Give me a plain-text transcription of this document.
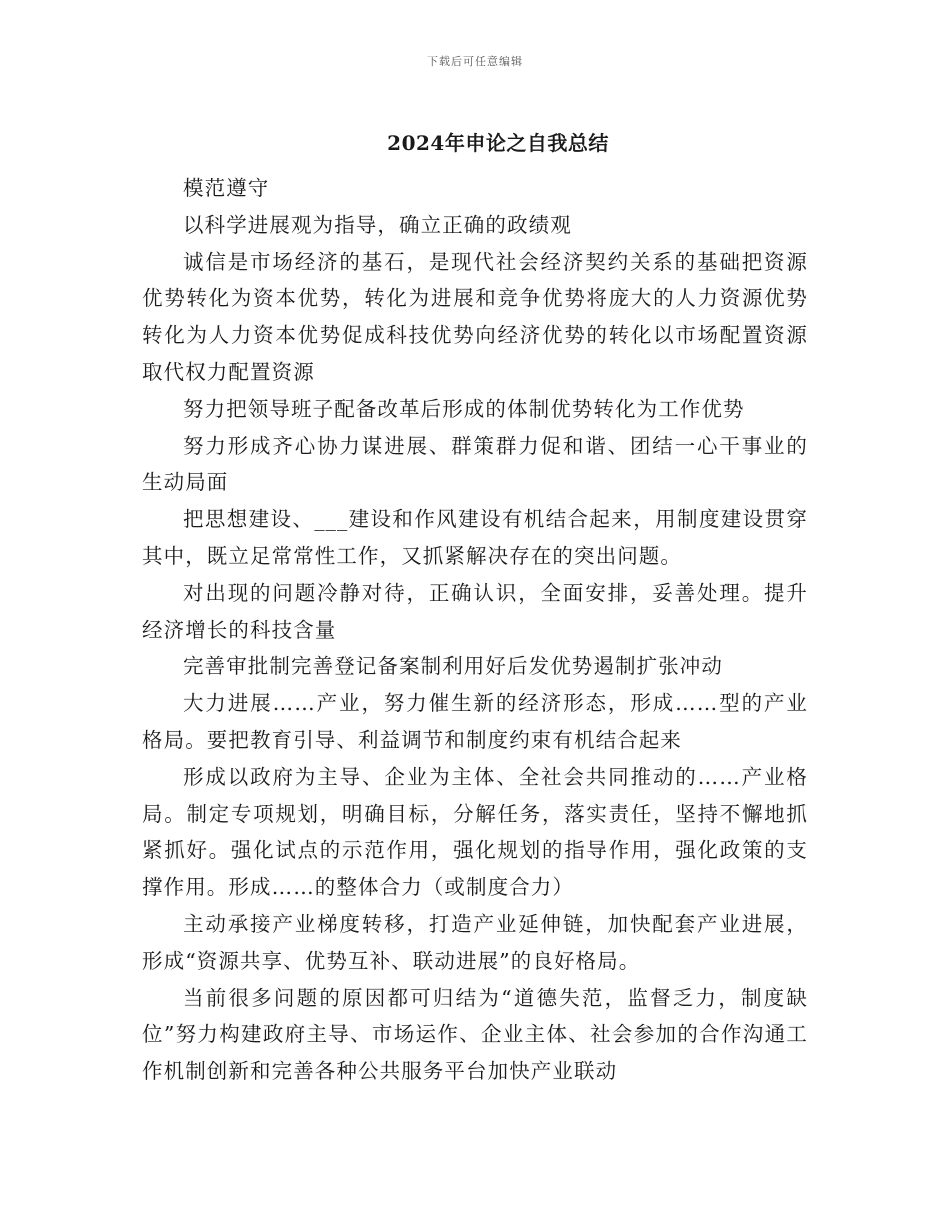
下载后可任意编辑
2024年申论之自我总结

模范遵守

以科学进展观为指导，确立正确的政绩观

诚信是市场经济的基石，是现代社会经济契约关系的基础把资源优势转化为资本优势，转化为进展和竞争优势将庞大的人力资源优势转化为人力资本优势促成科技优势向经济优势的转化以市场配置资源取代权力配置资源

努力把领导班子配备改革后形成的体制优势转化为工作优势

努力形成齐心协力谋进展、群策群力促和谐、团结一心干事业的生动局面

把思想建设、___建设和作风建设有机结合起来，用制度建设贯穿其中，既立足常常性工作，又抓紧解决存在的突出问题。

对出现的问题冷静对待，正确认识，全面安排，妥善处理。提升经济增长的科技含量

完善审批制完善登记备案制利用好后发优势遏制扩张冲动

大力进展……产业，努力催生新的经济形态，形成……型的产业格局。要把教育引导、利益调节和制度约束有机结合起来

形成以政府为主导、企业为主体、全社会共同推动的……产业格局。制定专项规划，明确目标，分解任务，落实责任，坚持不懈地抓紧抓好。强化试点的示范作用，强化规划的指导作用，强化政策的支撑作用。形成……的整体合力（或制度合力）

主动承接产业梯度转移，打造产业延伸链，加快配套产业进展，形成“资源共享、优势互补、联动进展”的良好格局。

当前很多问题的原因都可归结为“道德失范，监督乏力，制度缺位”努力构建政府主导、市场运作、企业主体、社会参加的合作沟通工作机制创新和完善各种公共服务平台加快产业联动
